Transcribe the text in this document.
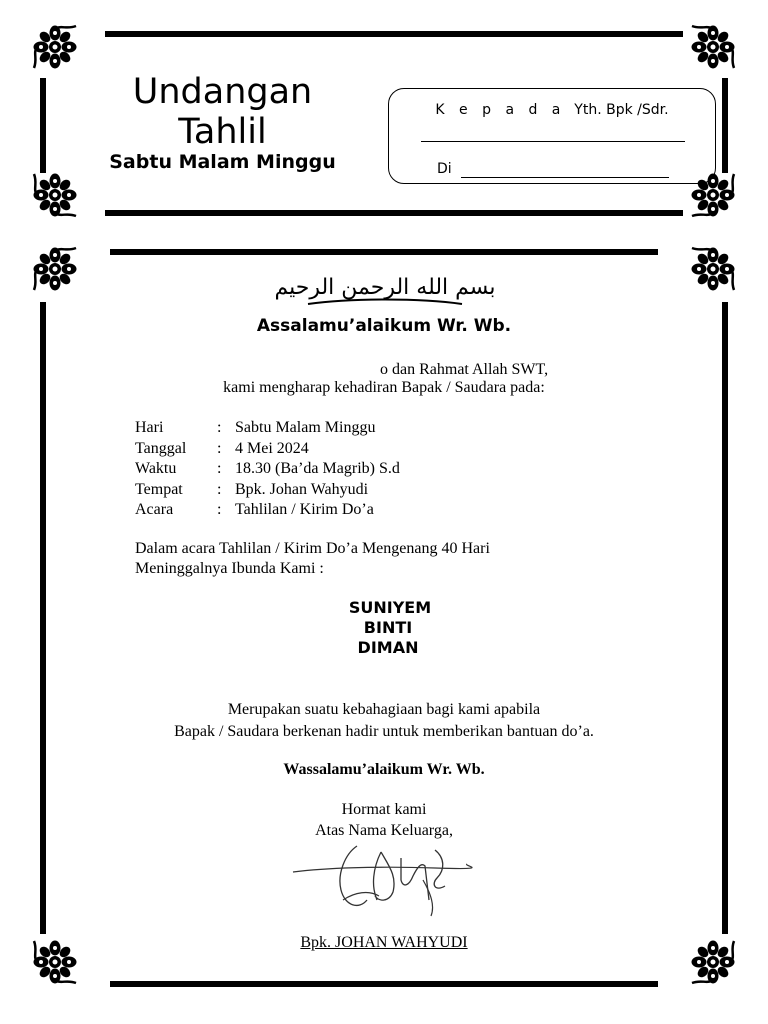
Undangan
Tahlil
Sabtu Malam Minggu
K e p a d a  Yth. Bpk /Sdr.
Di
بسم الله الرحمن الرحيم
Assalamu’alaikum Wr. Wb.
o dan Rahmat Allah SWT,
kami mengharap kehadiran Bapak / Saudara pada:
Hari	: Sabtu Malam Minggu
Tanggal	: 4 Mei 2024
Waktu	: 18.30 (Ba’da Magrib) S.d
Tempat	: Bpk. Johan Wahyudi
Acara	: Tahlilan / Kirim Do’a
Dalam acara Tahlilan / Kirim Do’a Mengenang 40 Hari
Meninggalnya Ibunda Kami :
SUNIYEM
BINTI
DIMAN
Merupakan suatu kebahagiaan bagi kami apabila
Bapak / Saudara berkenan hadir untuk memberikan bantuan do’a.
Wassalamu’alaikum Wr. Wb.
Hormat kami
Atas Nama Keluarga,
Bpk. JOHAN WAHYUDI
